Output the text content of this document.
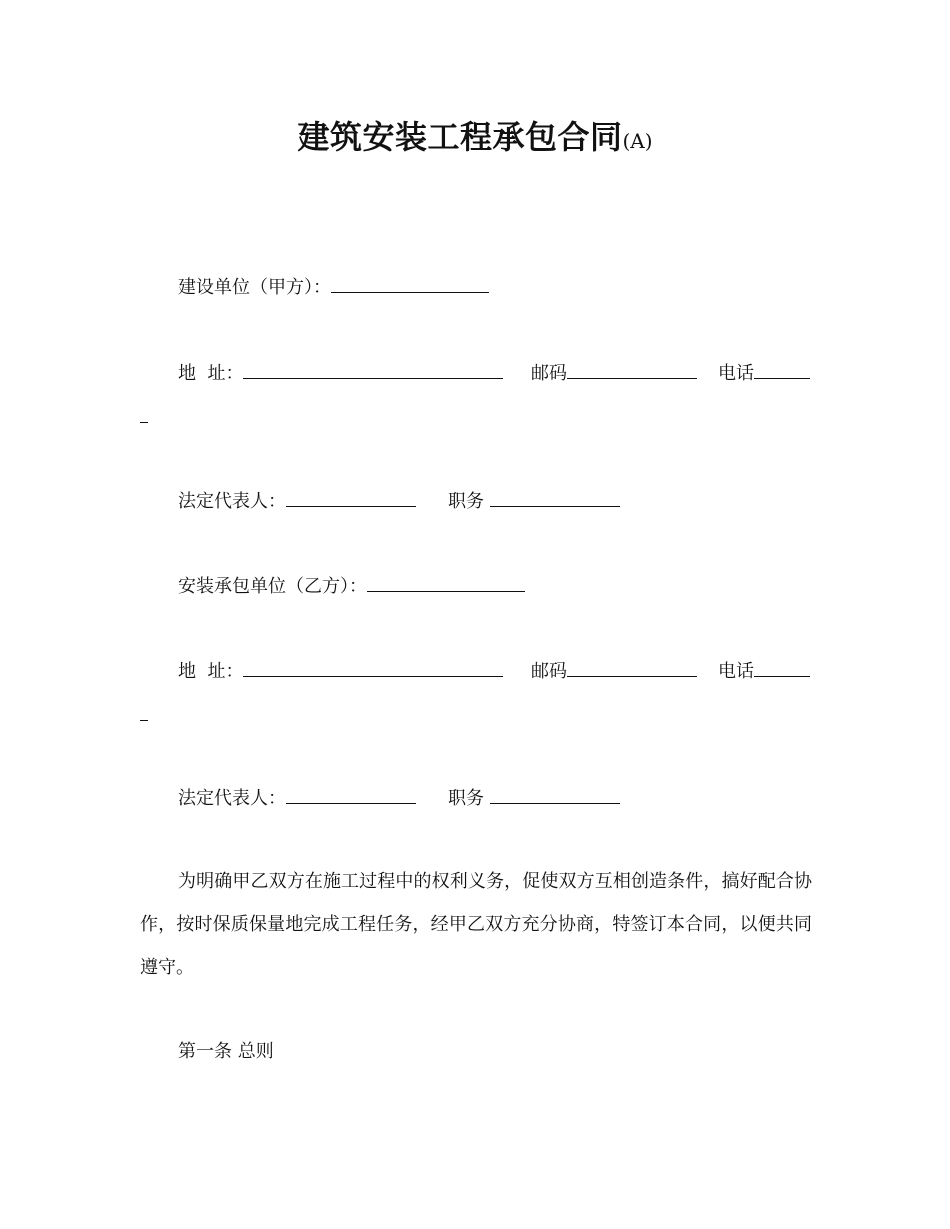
建筑安装工程承包合同(A)
建设单位（甲方）：
地  址：	邮码	电话
法定代表人：	职务
安装承包单位（乙方）：
地  址：	邮码	电话
法定代表人：	职务
为明确甲乙双方在施工过程中的权利义务，促使双方互相创造条件，搞好配合协作，按时保质保量地完成工程任务，经甲乙双方充分协商，特签订本合同，以便共同遵守。
第一条 总则
